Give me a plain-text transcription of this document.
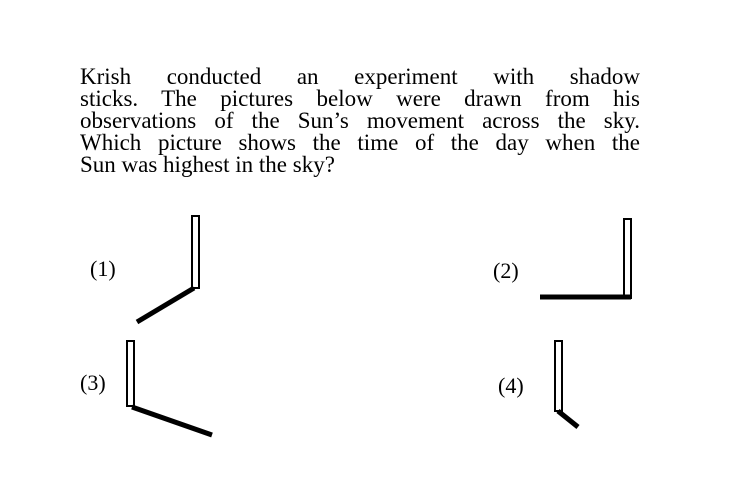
Krish conducted an experiment with shadow
sticks. The pictures below were drawn from his
observations of the Sun’s movement across the sky.
Which picture shows the time of the day when the
Sun was highest in the sky?
(1)	(2)
(3)	(4)
